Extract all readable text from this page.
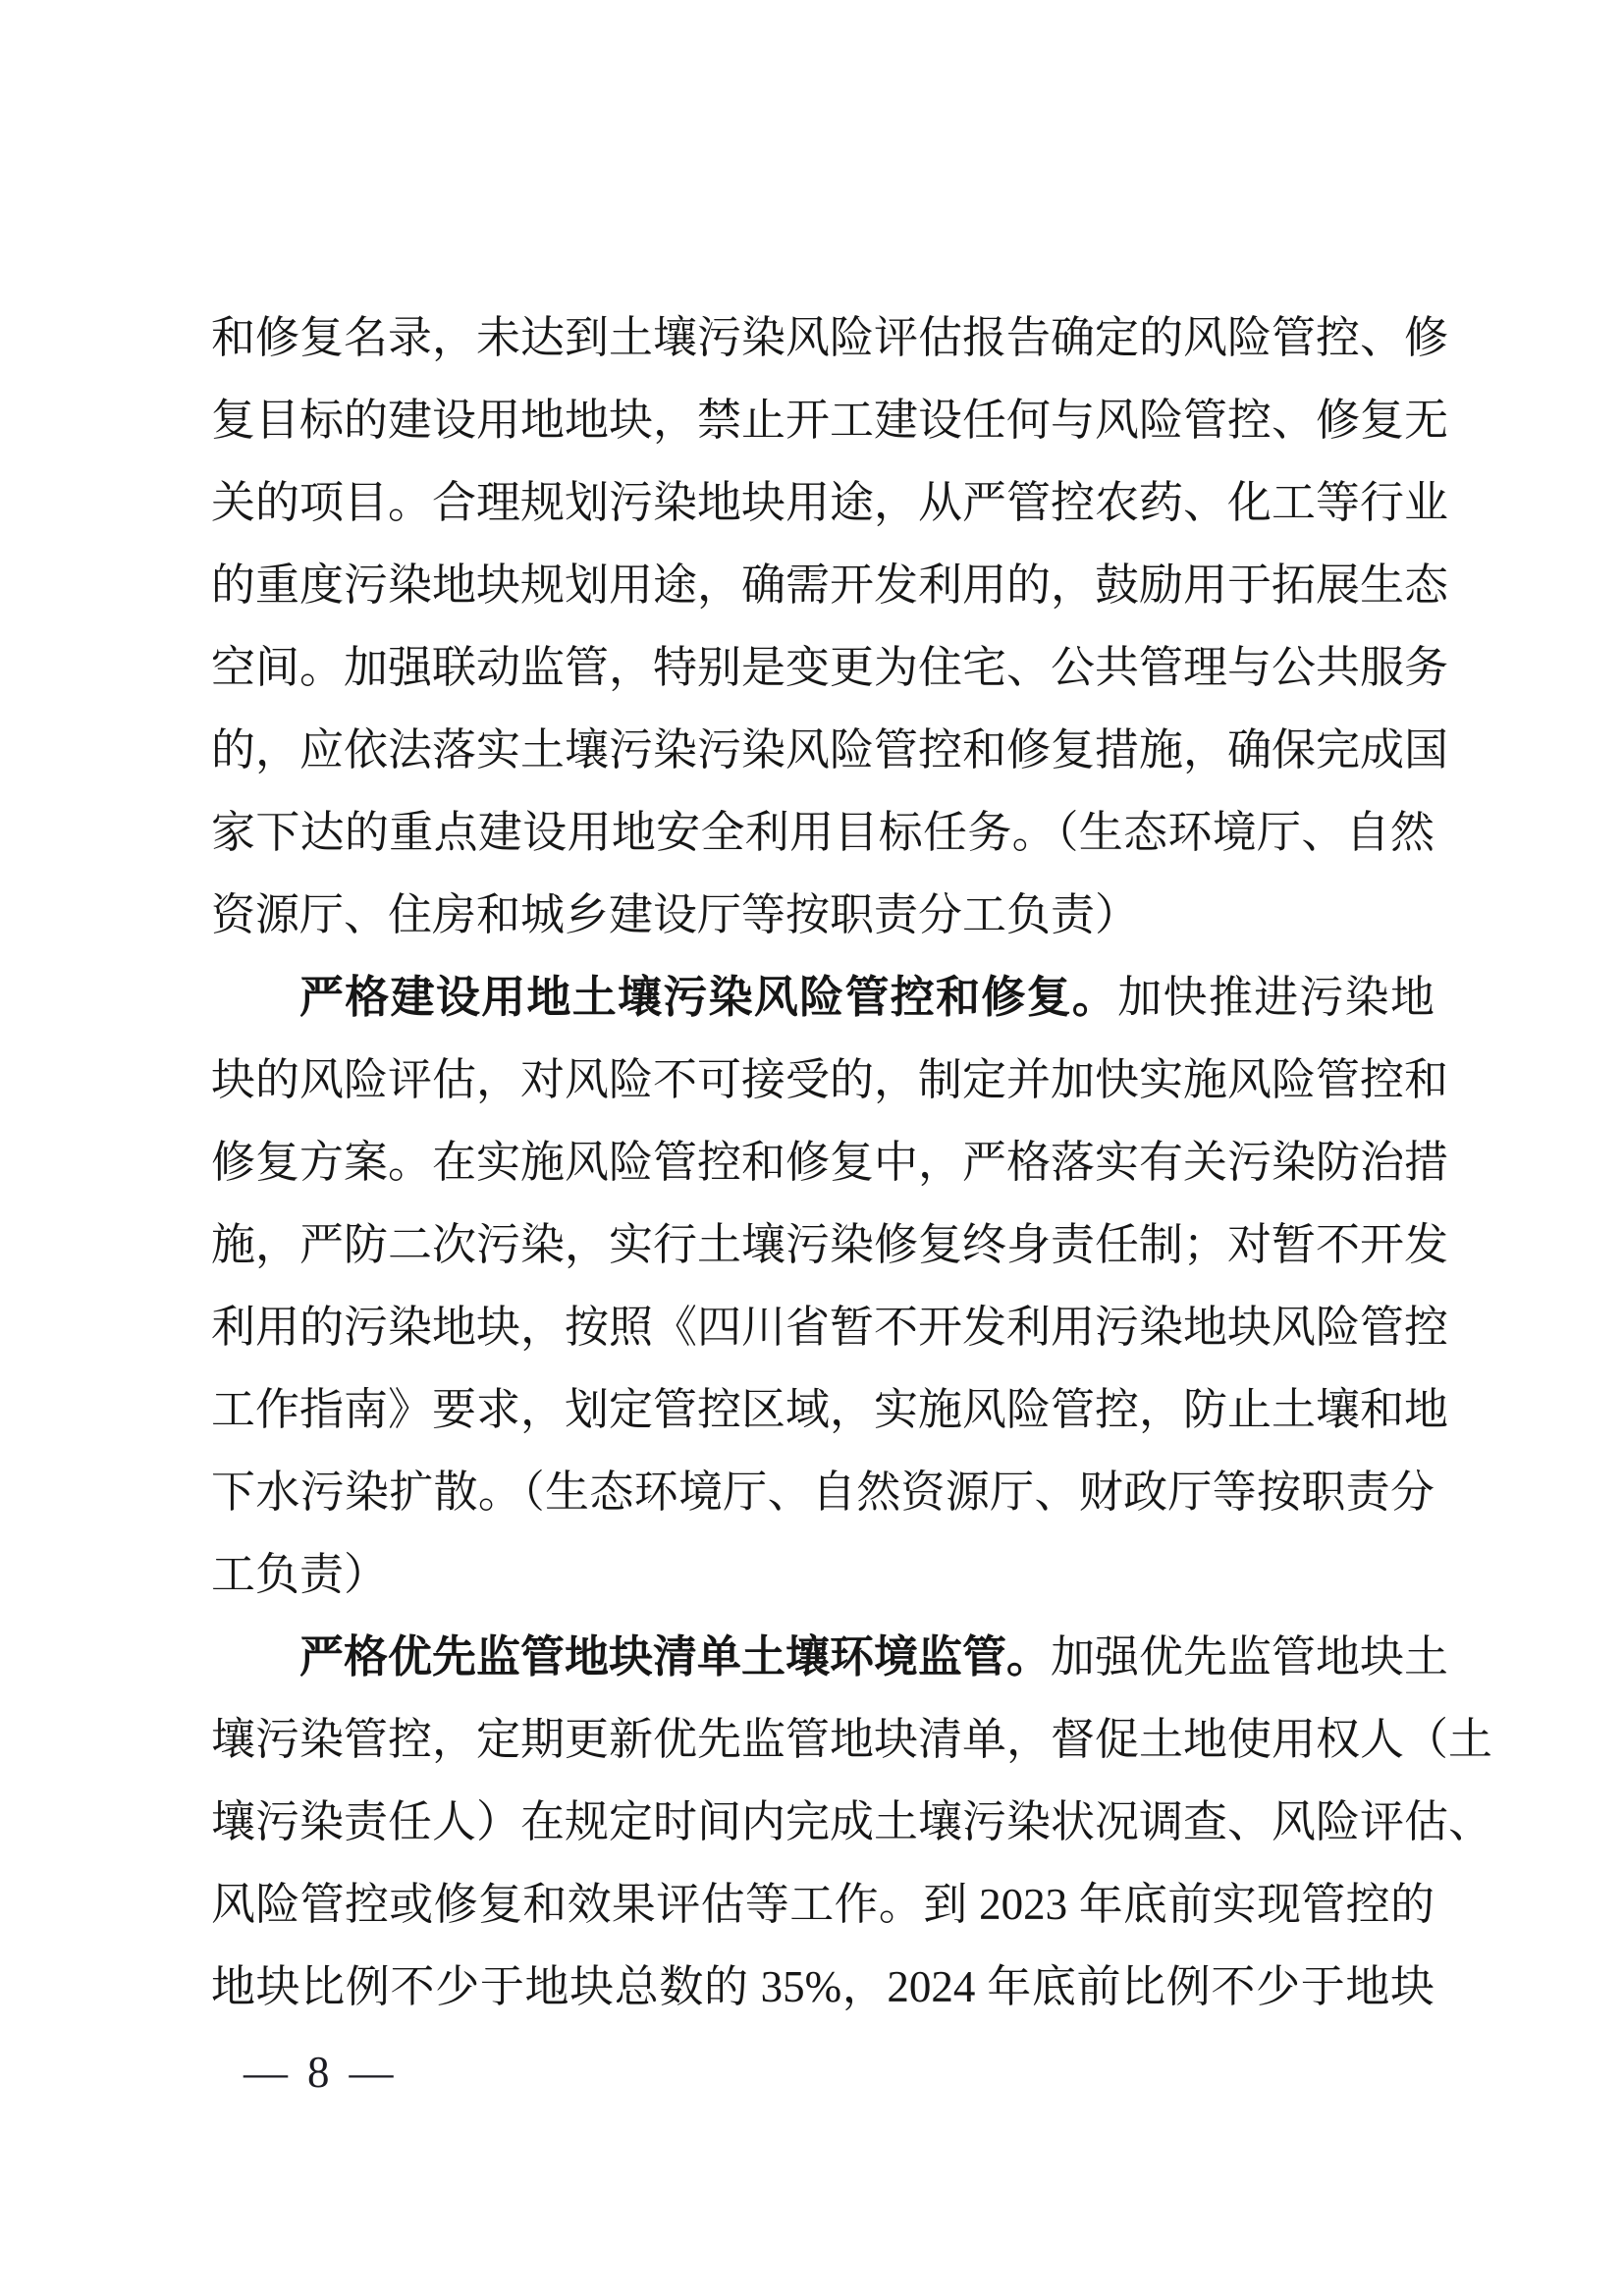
和修复名录，未达到土壤污染风险评估报告确定的风险管控、修
复目标的建设用地地块，禁止开工建设任何与风险管控、修复无
关的项目。合理规划污染地块用途，从严管控农药、化工等行业
的重度污染地块规划用途，确需开发利用的，鼓励用于拓展生态
空间。加强联动监管，特别是变更为住宅、公共管理与公共服务
的，应依法落实土壤污染污染风险管控和修复措施，确保完成国
家下达的重点建设用地安全利用目标任务。（生态环境厅、自然
资源厅、住房和城乡建设厅等按职责分工负责）
严格建设用地土壤污染风险管控和修复。加快推进污染地
块的风险评估，对风险不可接受的，制定并加快实施风险管控和
修复方案。在实施风险管控和修复中，严格落实有关污染防治措
施，严防二次污染，实行土壤污染修复终身责任制；对暂不开发
利用的污染地块，按照《四川省暂不开发利用污染地块风险管控
工作指南》要求，划定管控区域，实施风险管控，防止土壤和地
下水污染扩散。（生态环境厅、自然资源厅、财政厅等按职责分
工负责）
严格优先监管地块清单土壤环境监管。加强优先监管地块土
壤污染管控，定期更新优先监管地块清单，督促土地使用权人（土
壤污染责任人）在规定时间内完成土壤污染状况调查、风险评估、
风险管控或修复和效果评估等工作。到 2023 年底前实现管控的
地块比例不少于地块总数的 35%，2024 年底前比例不少于地块
— 8 —
